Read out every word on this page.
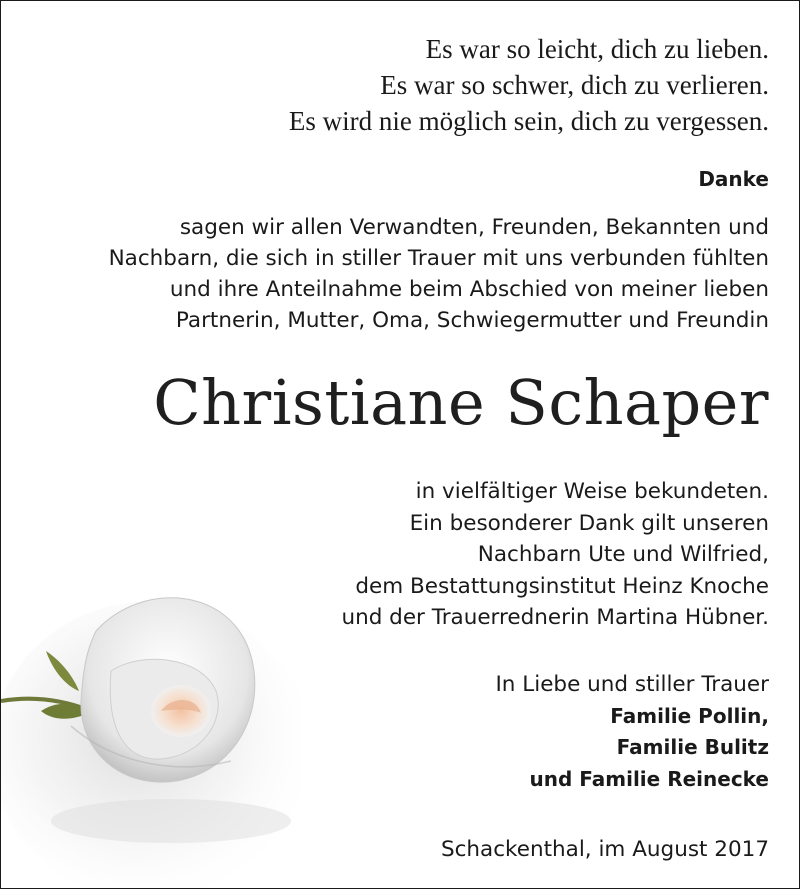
Es war so leicht, dich zu lieben.
Es war so schwer, dich zu verlieren.
Es wird nie möglich sein, dich zu vergessen.
Danke
sagen wir allen Verwandten, Freunden, Bekannten und
Nachbarn, die sich in stiller Trauer mit uns verbunden fühlten
und ihre Anteilnahme beim Abschied von meiner lieben
Partnerin, Mutter, Oma, Schwiegermutter und Freundin
Christiane Schaper
in vielfältiger Weise bekundeten.
Ein besonderer Dank gilt unseren
Nachbarn Ute und Wilfried,
dem Bestattungsinstitut Heinz Knoche
und der Trauerrednerin Martina Hübner.
In Liebe und stiller Trauer
Familie Pollin,
Familie Bulitz
und Familie Reinecke
Schackenthal, im August 2017
